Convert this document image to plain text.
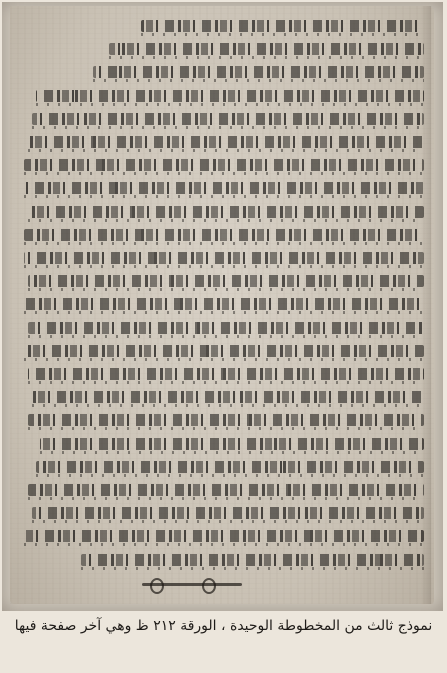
نموذج ثالث من المخطوطة الوحيدة ، الورقة ٢١٢ ظ وهي آخر صفحة فيها
